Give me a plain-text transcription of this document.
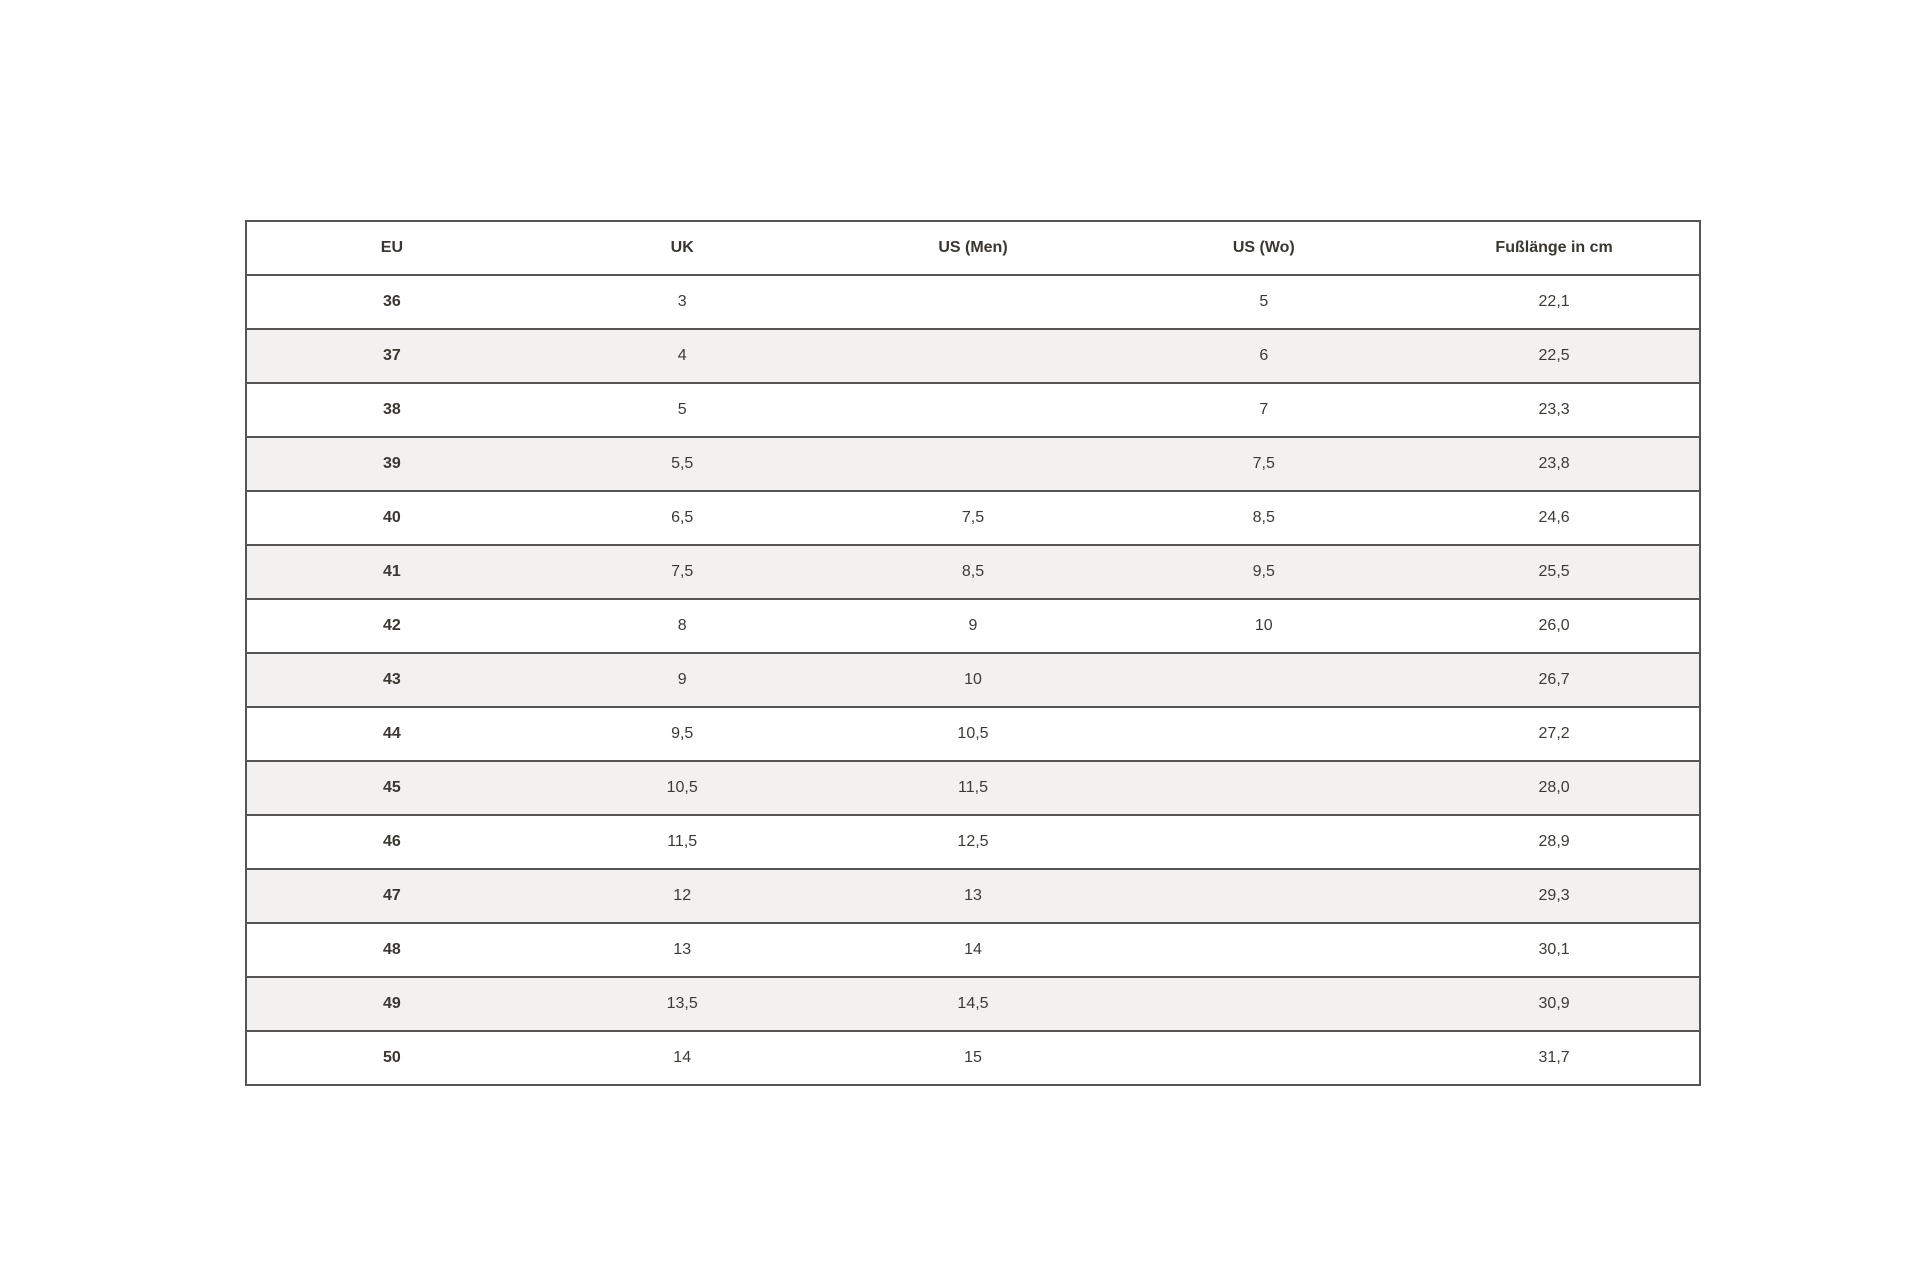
EU	UK	US (Men)	US (Wo)	Fußlänge in cm
36	3		5	22,1
37	4		6	22,5
38	5		7	23,3
39	5,5		7,5	23,8
40	6,5	7,5	8,5	24,6
41	7,5	8,5	9,5	25,5
42	8	9	10	26,0
43	9	10		26,7
44	9,5	10,5		27,2
45	10,5	11,5		28,0
46	11,5	12,5		28,9
47	12	13		29,3
48	13	14		30,1
49	13,5	14,5		30,9
50	14	15		31,7
